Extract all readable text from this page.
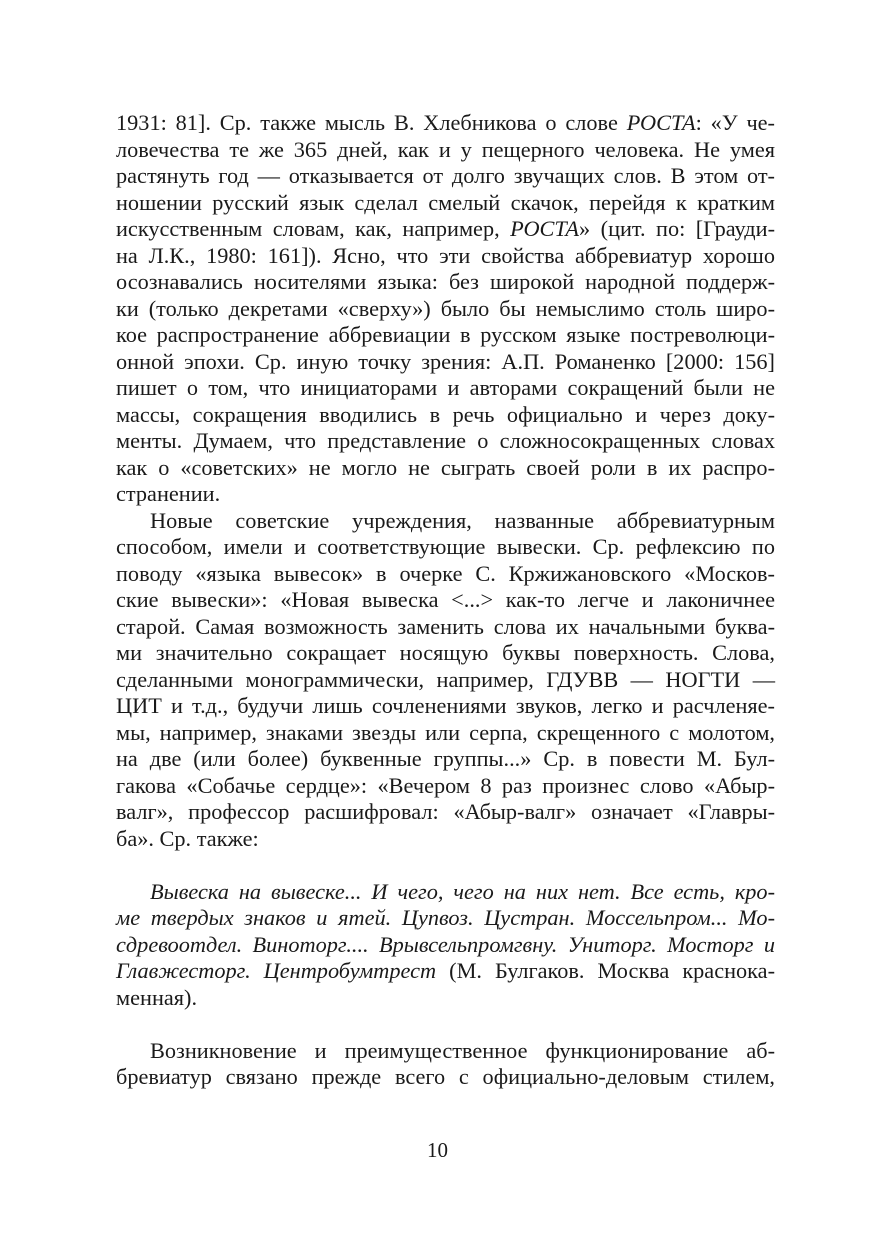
1931: 81]. Ср. также мысль В. Хлебникова о слове РОСТА: «У че-
ловечества те же 365 дней, как и у пещерного человека. Не умея
растянуть год — отказывается от долго звучащих слов. В этом от-
ношении русский язык сделал смелый скачок, перейдя к кратким
искусственным словам, как, например, РОСТА» (цит. по: [Грауди-
на Л.К., 1980: 161]). Ясно, что эти свойства аббревиатур хорошо
осознавались носителями языка: без широкой народной поддерж-
ки (только декретами «сверху») было бы немыслимо столь широ-
кое распространение аббревиации в русском языке постреволюци-
онной эпохи. Ср. иную точку зрения: А.П. Романенко [2000: 156]
пишет о том, что инициаторами и авторами сокращений были не
массы, сокращения вводились в речь официально и через доку-
менты. Думаем, что представление о сложносокращенных словах
как о «советских» не могло не сыграть своей роли в их распро-
странении.
Новые советские учреждения, названные аббревиатурным
способом, имели и соответствующие вывески. Ср. рефлексию по
поводу «языка вывесок» в очерке С. Кржижановского «Москов-
ские вывески»: «Новая вывеска <...> как-то легче и лаконичнее
старой. Самая возможность заменить слова их начальными буква-
ми значительно сокращает носящую буквы поверхность. Слова,
сделанными монограммически, например, ГДУВВ — НОГТИ —
ЦИТ и т.д., будучи лишь сочленениями звуков, легко и расчленяе-
мы, например, знаками звезды или серпа, скрещенного с молотом,
на две (или более) буквенные группы...» Ср. в повести М. Бул-
гакова «Собачье сердце»: «Вечером 8 раз произнес слово «Абыр-
валг», профессор расшифровал: «Абыр-валг» означает «Главры-
ба». Ср. также:
Вывеска на вывеске... И чего, чего на них нет. Все есть, кро-
ме твердых знаков и ятей. Цупвоз. Цустран. Моссельпром... Мо-
сдревоотдел. Виноторг.... Врывсельпромгвну. Униторг. Мосторг и
Главжесторг. Центробумтрест (М. Булгаков. Москва краснока-
менная).
Возникновение и преимущественное функционирование аб-
бревиатур связано прежде всего с официально-деловым стилем,
10
